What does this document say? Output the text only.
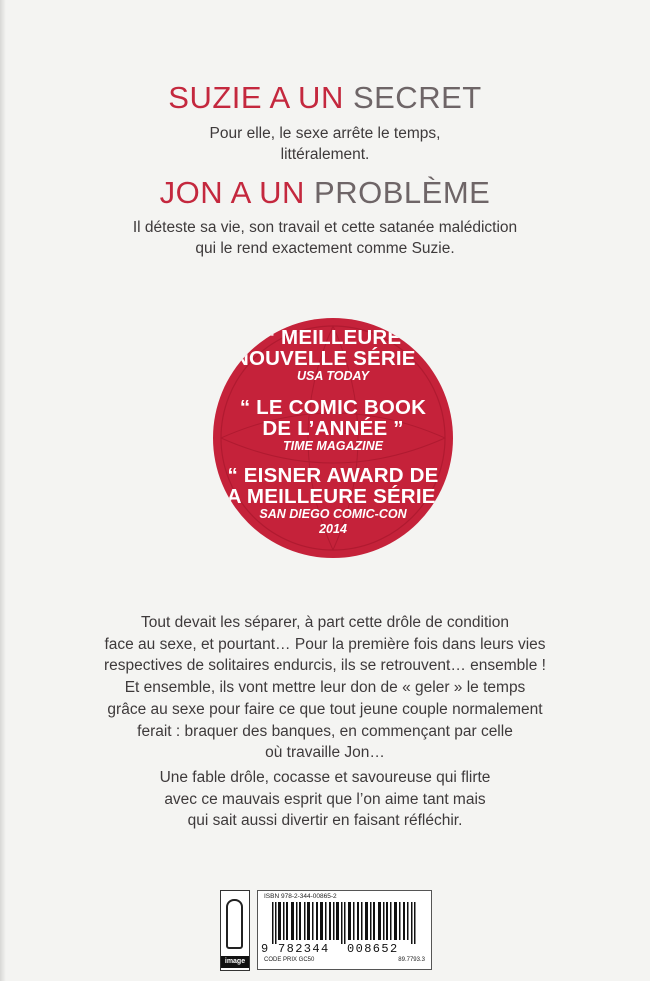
SUZIE A UN SECRET
Pour elle, le sexe arrête le temps,
littéralement.
JON A UN PROBLÈME
Il déteste sa vie, son travail et cette satanée malédiction
qui le rend exactement comme Suzie.
“ MEILLEURE
NOUVELLE SÉRIE ”
USA TODAY
“ LE COMIC BOOK
DE L’ANNÉE ”
TIME MAGAZINE
“ EISNER AWARD DE
LA MEILLEURE SÉRIE ”
SAN DIEGO COMIC-CON
2014
Tout devait les séparer, à part cette drôle de condition
face au sexe, et pourtant… Pour la première fois dans leurs vies
respectives de solitaires endurcis, ils se retrouvent… ensemble !
Et ensemble, ils vont mettre leur don de « geler » le temps
grâce au sexe pour faire ce que tout jeune couple normalement
ferait : braquer des banques, en commençant par celle
où travaille Jon…
Une fable drôle, cocasse et savoureuse qui flirte
avec ce mauvais esprit que l’on aime tant mais
qui sait aussi divertir en faisant réfléchir.
image
ISBN 978-2-344-00865-2
9 782344 008652
CODE PRIX GC50	89.7793.3
